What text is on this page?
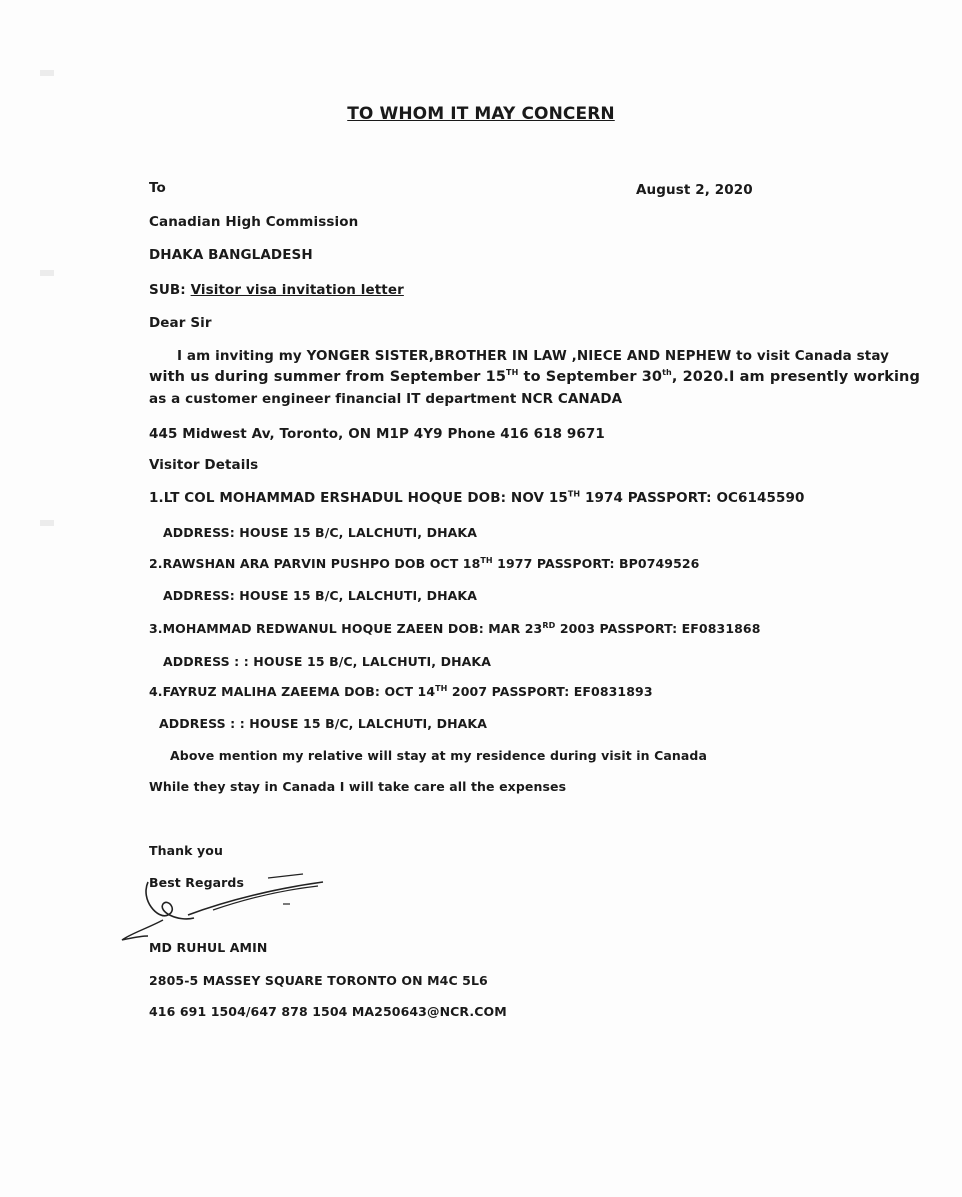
TO WHOM IT MAY CONCERN
To	August 2, 2020
Canadian High Commission
DHAKA BANGLADESH
SUB: Visitor visa invitation letter
Dear Sir
I am inviting my YONGER SISTER,BROTHER IN LAW ,NIECE AND NEPHEW to visit Canada stay
with us during summer from September 15TH to September 30th, 2020.I am presently working
as a customer engineer financial IT department NCR CANADA
445 Midwest Av, Toronto, ON M1P 4Y9 Phone 416 618 9671
Visitor Details
1.LT COL MOHAMMAD ERSHADUL HOQUE DOB: NOV 15TH 1974 PASSPORT: OC6145590
ADDRESS: HOUSE 15 B/C, LALCHUTI, DHAKA
2.RAWSHAN ARA PARVIN PUSHPO DOB OCT 18TH 1977 PASSPORT: BP0749526
ADDRESS: HOUSE 15 B/C, LALCHUTI, DHAKA
3.MOHAMMAD REDWANUL HOQUE ZAEEN DOB: MAR 23RD 2003 PASSPORT: EF0831868
ADDRESS : : HOUSE 15 B/C, LALCHUTI, DHAKA
4.FAYRUZ MALIHA ZAEEMA DOB: OCT 14TH 2007 PASSPORT: EF0831893
ADDRESS : : HOUSE 15 B/C, LALCHUTI, DHAKA
Above mention my relative will stay at my residence during visit in Canada
While they stay in Canada I will take care all the expenses
Thank you
Best Regards
MD RUHUL AMIN
2805-5 MASSEY SQUARE TORONTO ON M4C 5L6
416 691 1504/647 878 1504 MA250643@NCR.COM
